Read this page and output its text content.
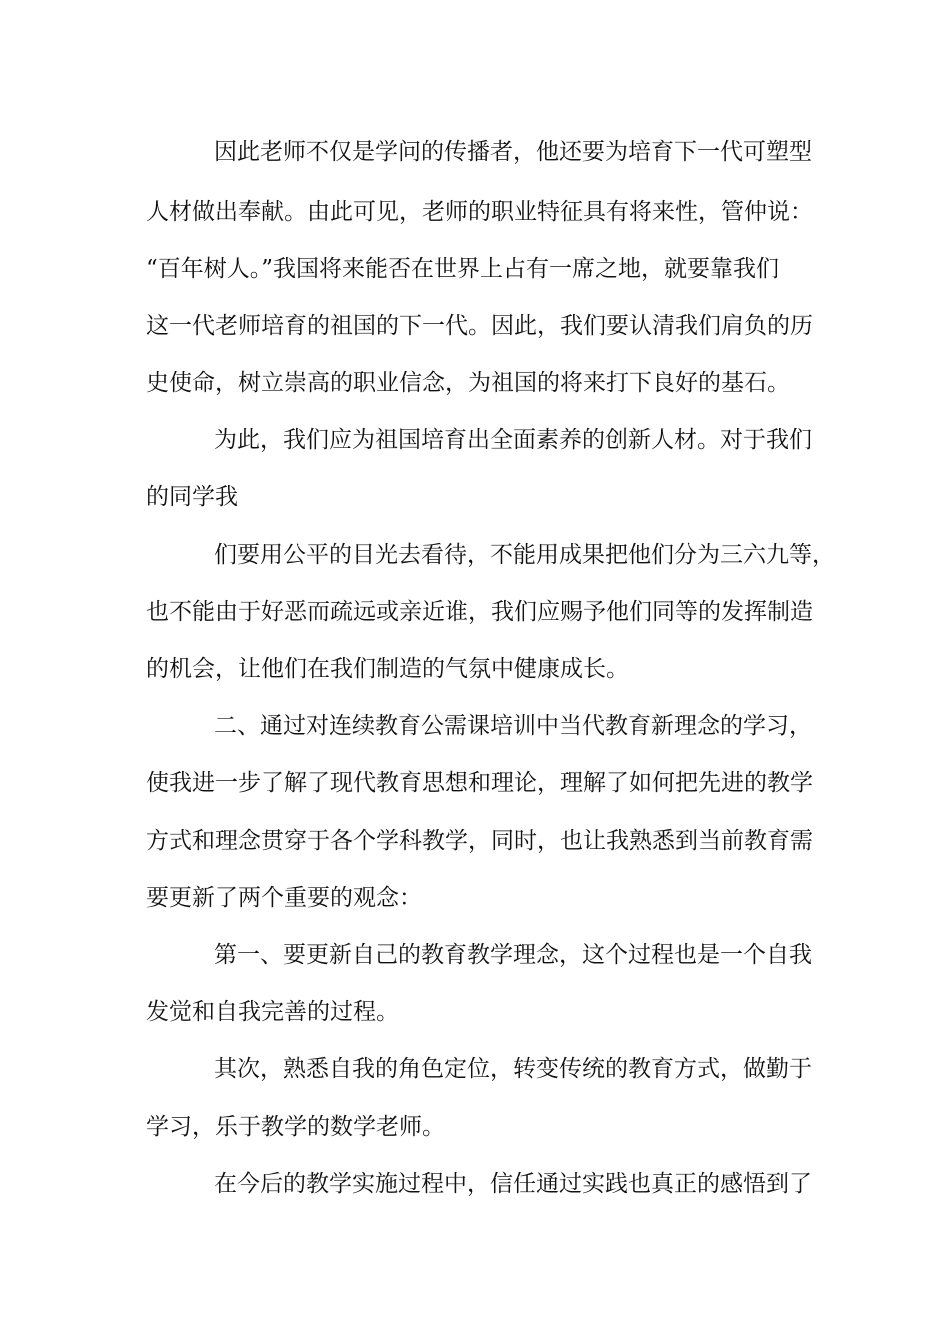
因此老师不仅是学问的传播者，他还要为培育下一代可塑型
人材做出奉献。由此可见，老师的职业特征具有将来性，管仲说：
“百年树人。”我国将来能否在世界上占有一席之地，就要靠我们
这一代老师培育的祖国的下一代。因此，我们要认清我们肩负的历
史使命，树立崇高的职业信念，为祖国的将来打下良好的基石。
为此，我们应为祖国培育出全面素养的创新人材。对于我们
的同学我
们要用公平的目光去看待，不能用成果把他们分为三六九等，
也不能由于好恶而疏远或亲近谁，我们应赐予他们同等的发挥制造
的机会，让他们在我们制造的气氛中健康成长。
二、通过对连续教育公需课培训中当代教育新理念的学习，
使我进一步了解了现代教育思想和理论，理解了如何把先进的教学
方式和理念贯穿于各个学科教学，同时，也让我熟悉到当前教育需
要更新了两个重要的观念：
第一、要更新自己的教育教学理念，这个过程也是一个自我
发觉和自我完善的过程。
其次，熟悉自我的角色定位，转变传统的教育方式，做勤于
学习，乐于教学的数学老师。
在今后的教学实施过程中，信任通过实践也真正的感悟到了
